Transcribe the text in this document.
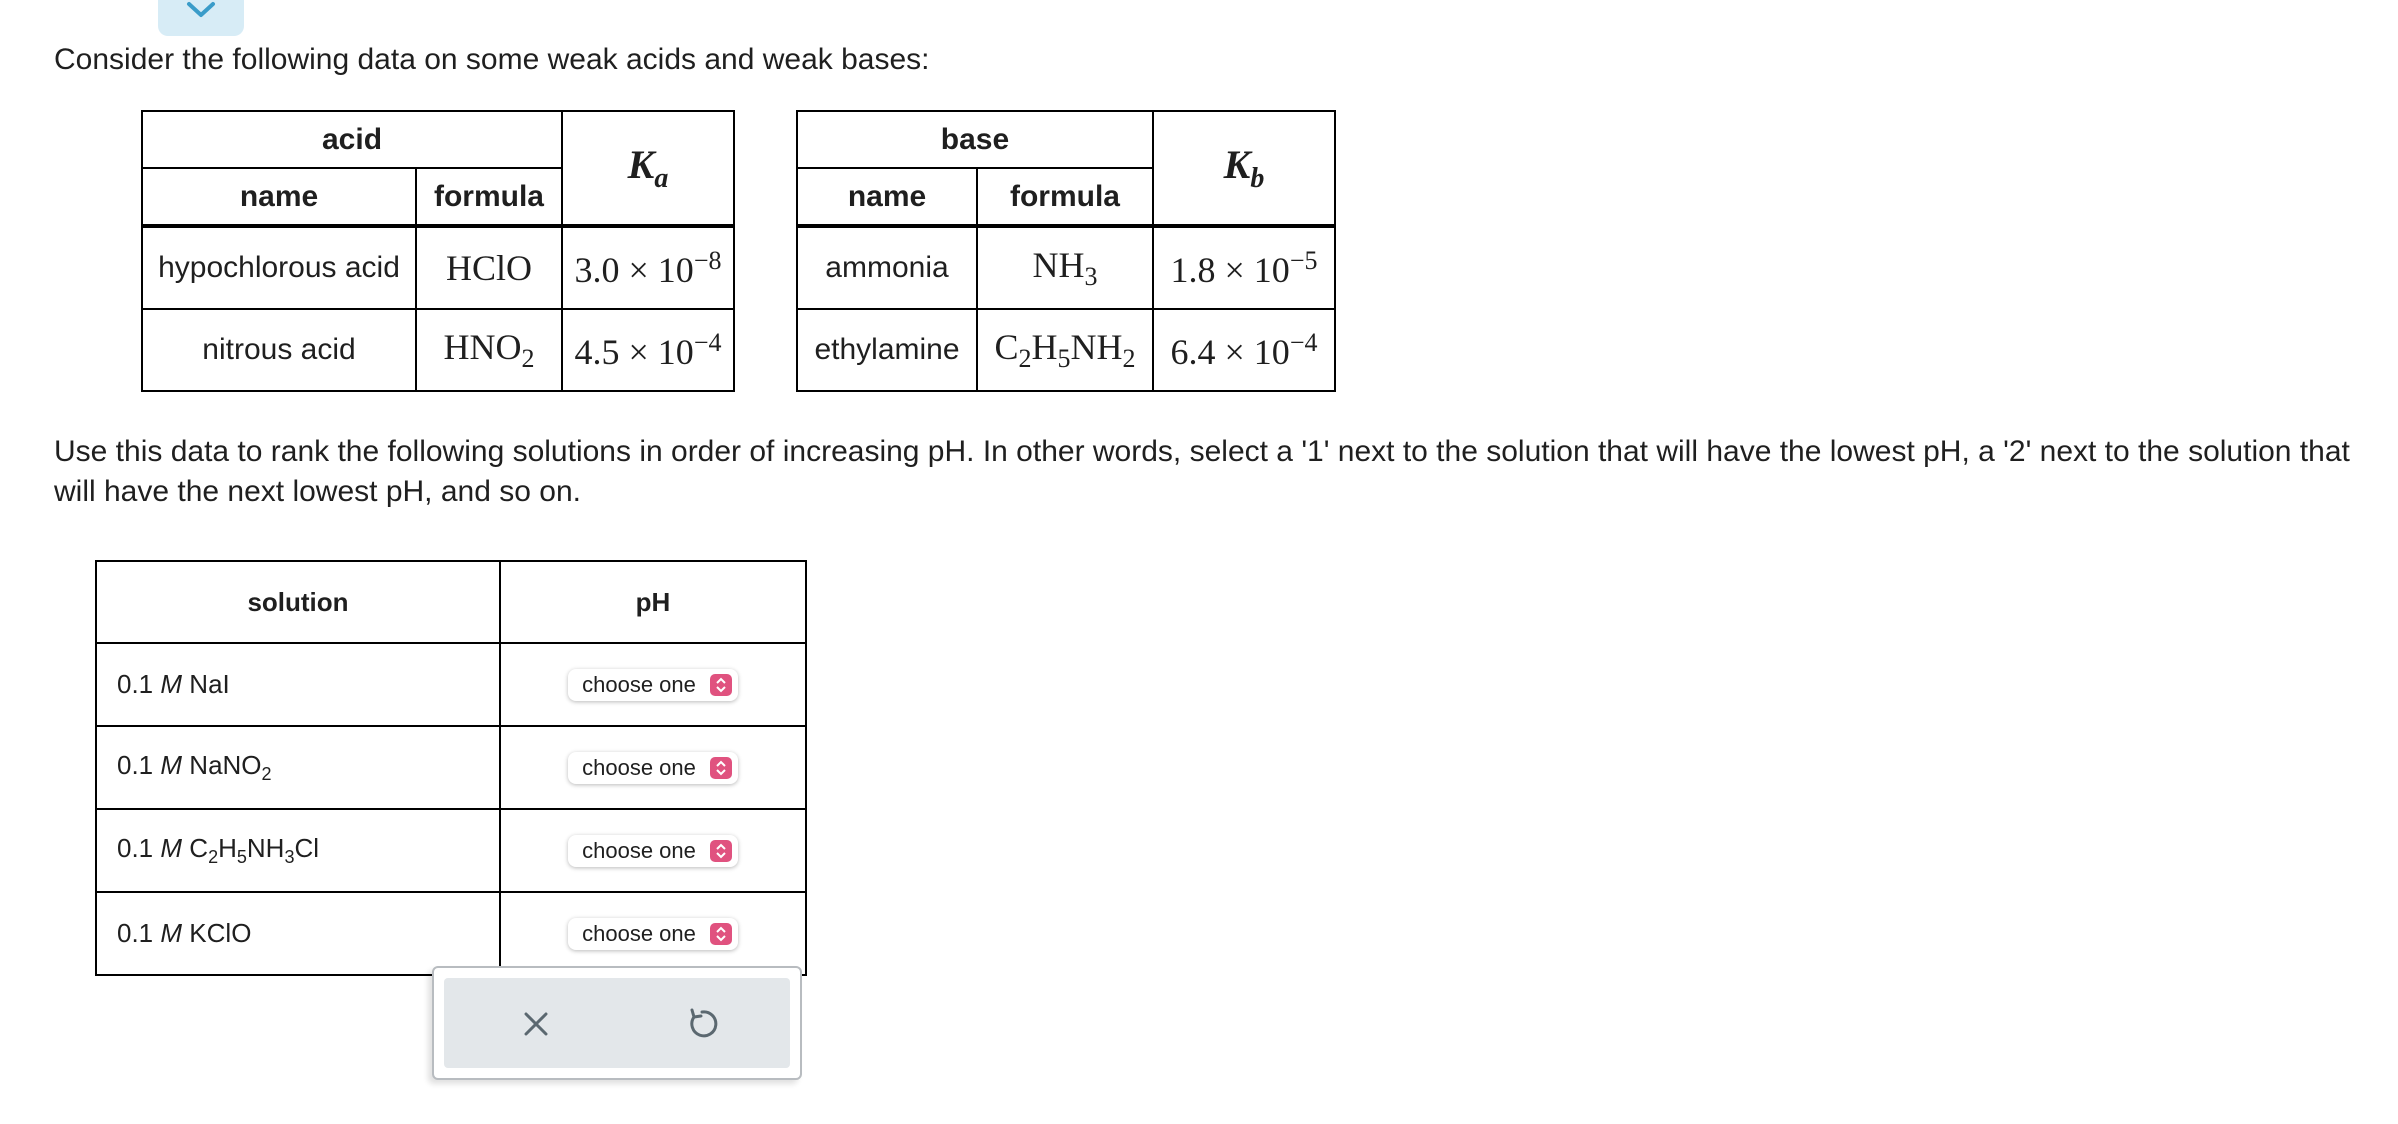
Consider the following data on some weak acids and weak bases:
acid		$K_a$
name	formula	
hypochlorous acid	HClO	$3.0 \times 10^{-8}$
nitrous acid	$HNO_2$	$4.5 \times 10^{-4}$
base		$K_b$
name	formula	
ammonia	$NH_3$	$1.8 \times 10^{-5}$
ethylamine	$C_2H_5NH_2$	$6.4 \times 10^{-4}$
Use this data to rank the following solutions in order of increasing pH. In other words, select a '1' next to the solution that will have the lowest pH, a '2' next to the solution that will have the next lowest pH, and so on.
solution	pH
0.1 M NaI	choose one

0.1 M NaNO$_2$	choose one

0.1 M $C_2H_5NH_3Cl$	choose one

0.1 M KClO	choose one
